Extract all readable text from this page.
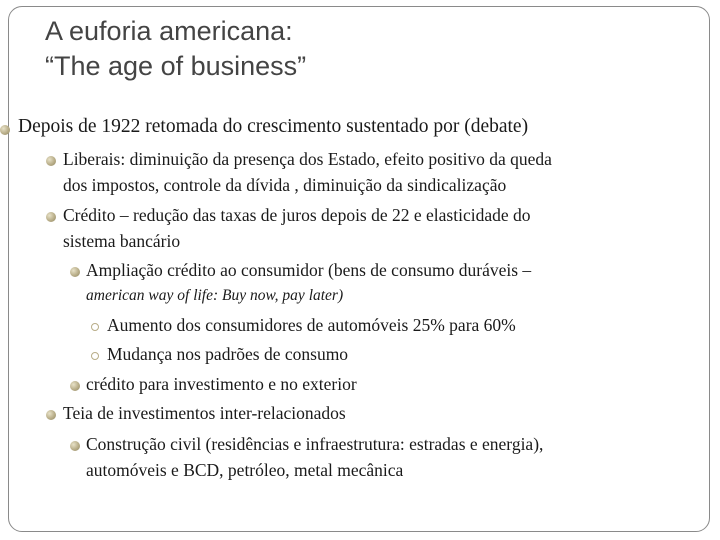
A euforia americana:
“The age of business”
Depois de 1922 retomada do crescimento sustentado por (debate)
Liberais: diminuição da presença dos Estado, efeito positivo da queda
dos impostos, controle da dívida , diminuição da sindicalização
Crédito – redução das taxas de juros depois de 22 e elasticidade do
sistema bancário
Ampliação crédito ao consumidor (bens de consumo duráveis –
american way of life: Buy now, pay later)
Aumento dos consumidores de automóveis 25% para 60%
Mudança nos padrões de consumo
crédito para investimento e no exterior
Teia de investimentos inter-relacionados
Construção civil (residências e infraestrutura: estradas e energia),
automóveis e BCD, petróleo, metal mecânica
